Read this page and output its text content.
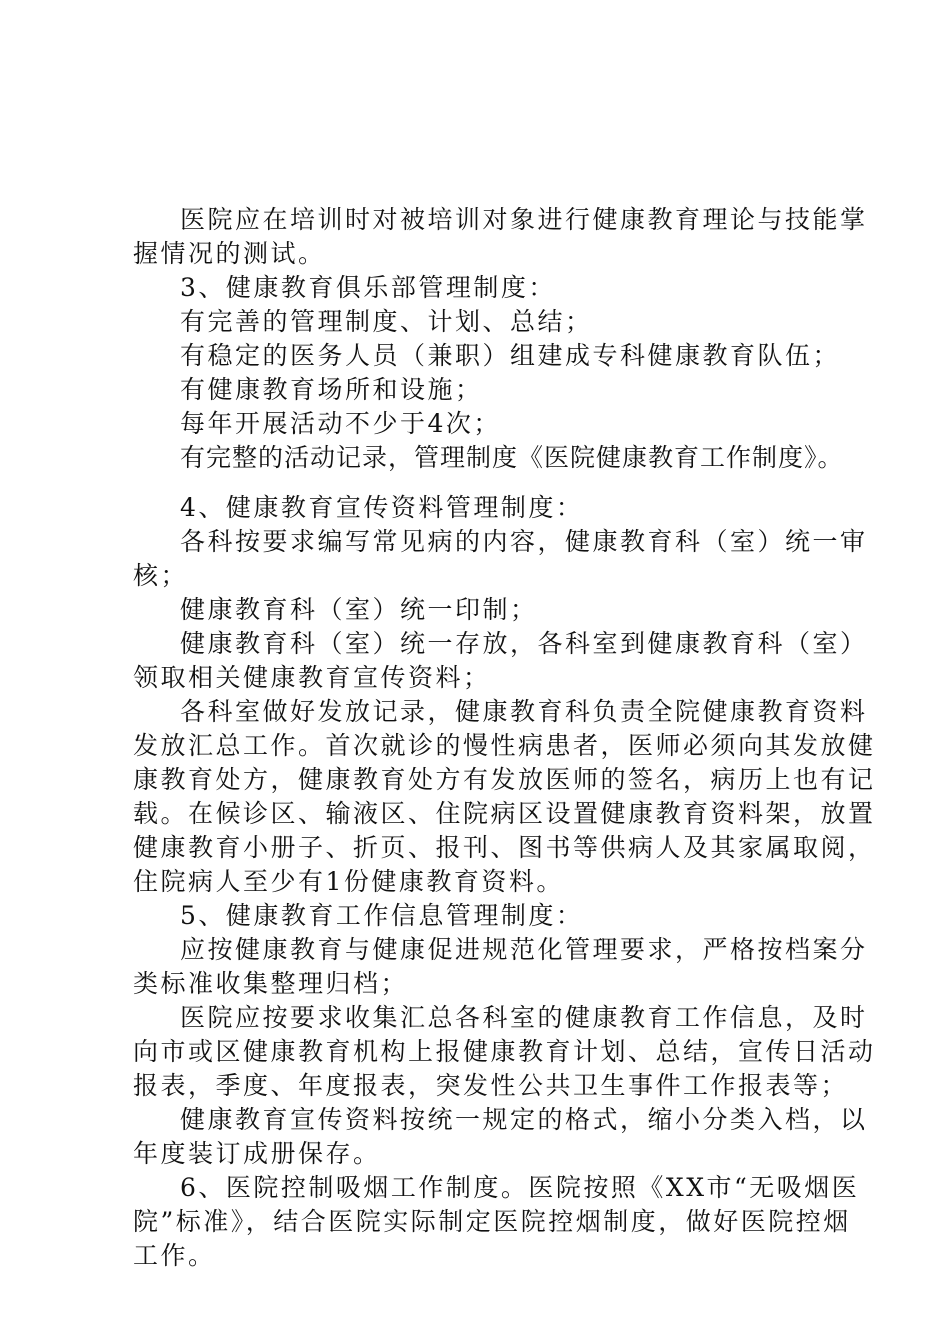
医院应在培训时对被培训对象进行健康教育理论与技能掌
握情况的测试。
3、健康教育俱乐部管理制度：
有完善的管理制度、计划、总结；
有稳定的医务人员（兼职）组建成专科健康教育队伍；
有健康教育场所和设施；
每年开展活动不少于4次；
有完整的活动记录，管理制度《医院健康教育工作制度》。
4、健康教育宣传资料管理制度：
各科按要求编写常见病的内容，健康教育科（室）统一审
核；
健康教育科（室）统一印制；
健康教育科（室）统一存放，各科室到健康教育科（室）
领取相关健康教育宣传资料；
各科室做好发放记录，健康教育科负责全院健康教育资料
发放汇总工作。首次就诊的慢性病患者，医师必须向其发放健
康教育处方，健康教育处方有发放医师的签名，病历上也有记
载。在候诊区、输液区、住院病区设置健康教育资料架，放置
健康教育小册子、折页、报刊、图书等供病人及其家属取阅，
住院病人至少有1份健康教育资料。
5、健康教育工作信息管理制度：
应按健康教育与健康促进规范化管理要求，严格按档案分
类标准收集整理归档；
医院应按要求收集汇总各科室的健康教育工作信息，及时
向市或区健康教育机构上报健康教育计划、总结，宣传日活动
报表，季度、年度报表，突发性公共卫生事件工作报表等；
健康教育宣传资料按统一规定的格式，缩小分类入档，以
年度装订成册保存。
6、医院控制吸烟工作制度。医院按照《XX市“无吸烟医
院”标准》，结合医院实际制定医院控烟制度，做好医院控烟
工作。
